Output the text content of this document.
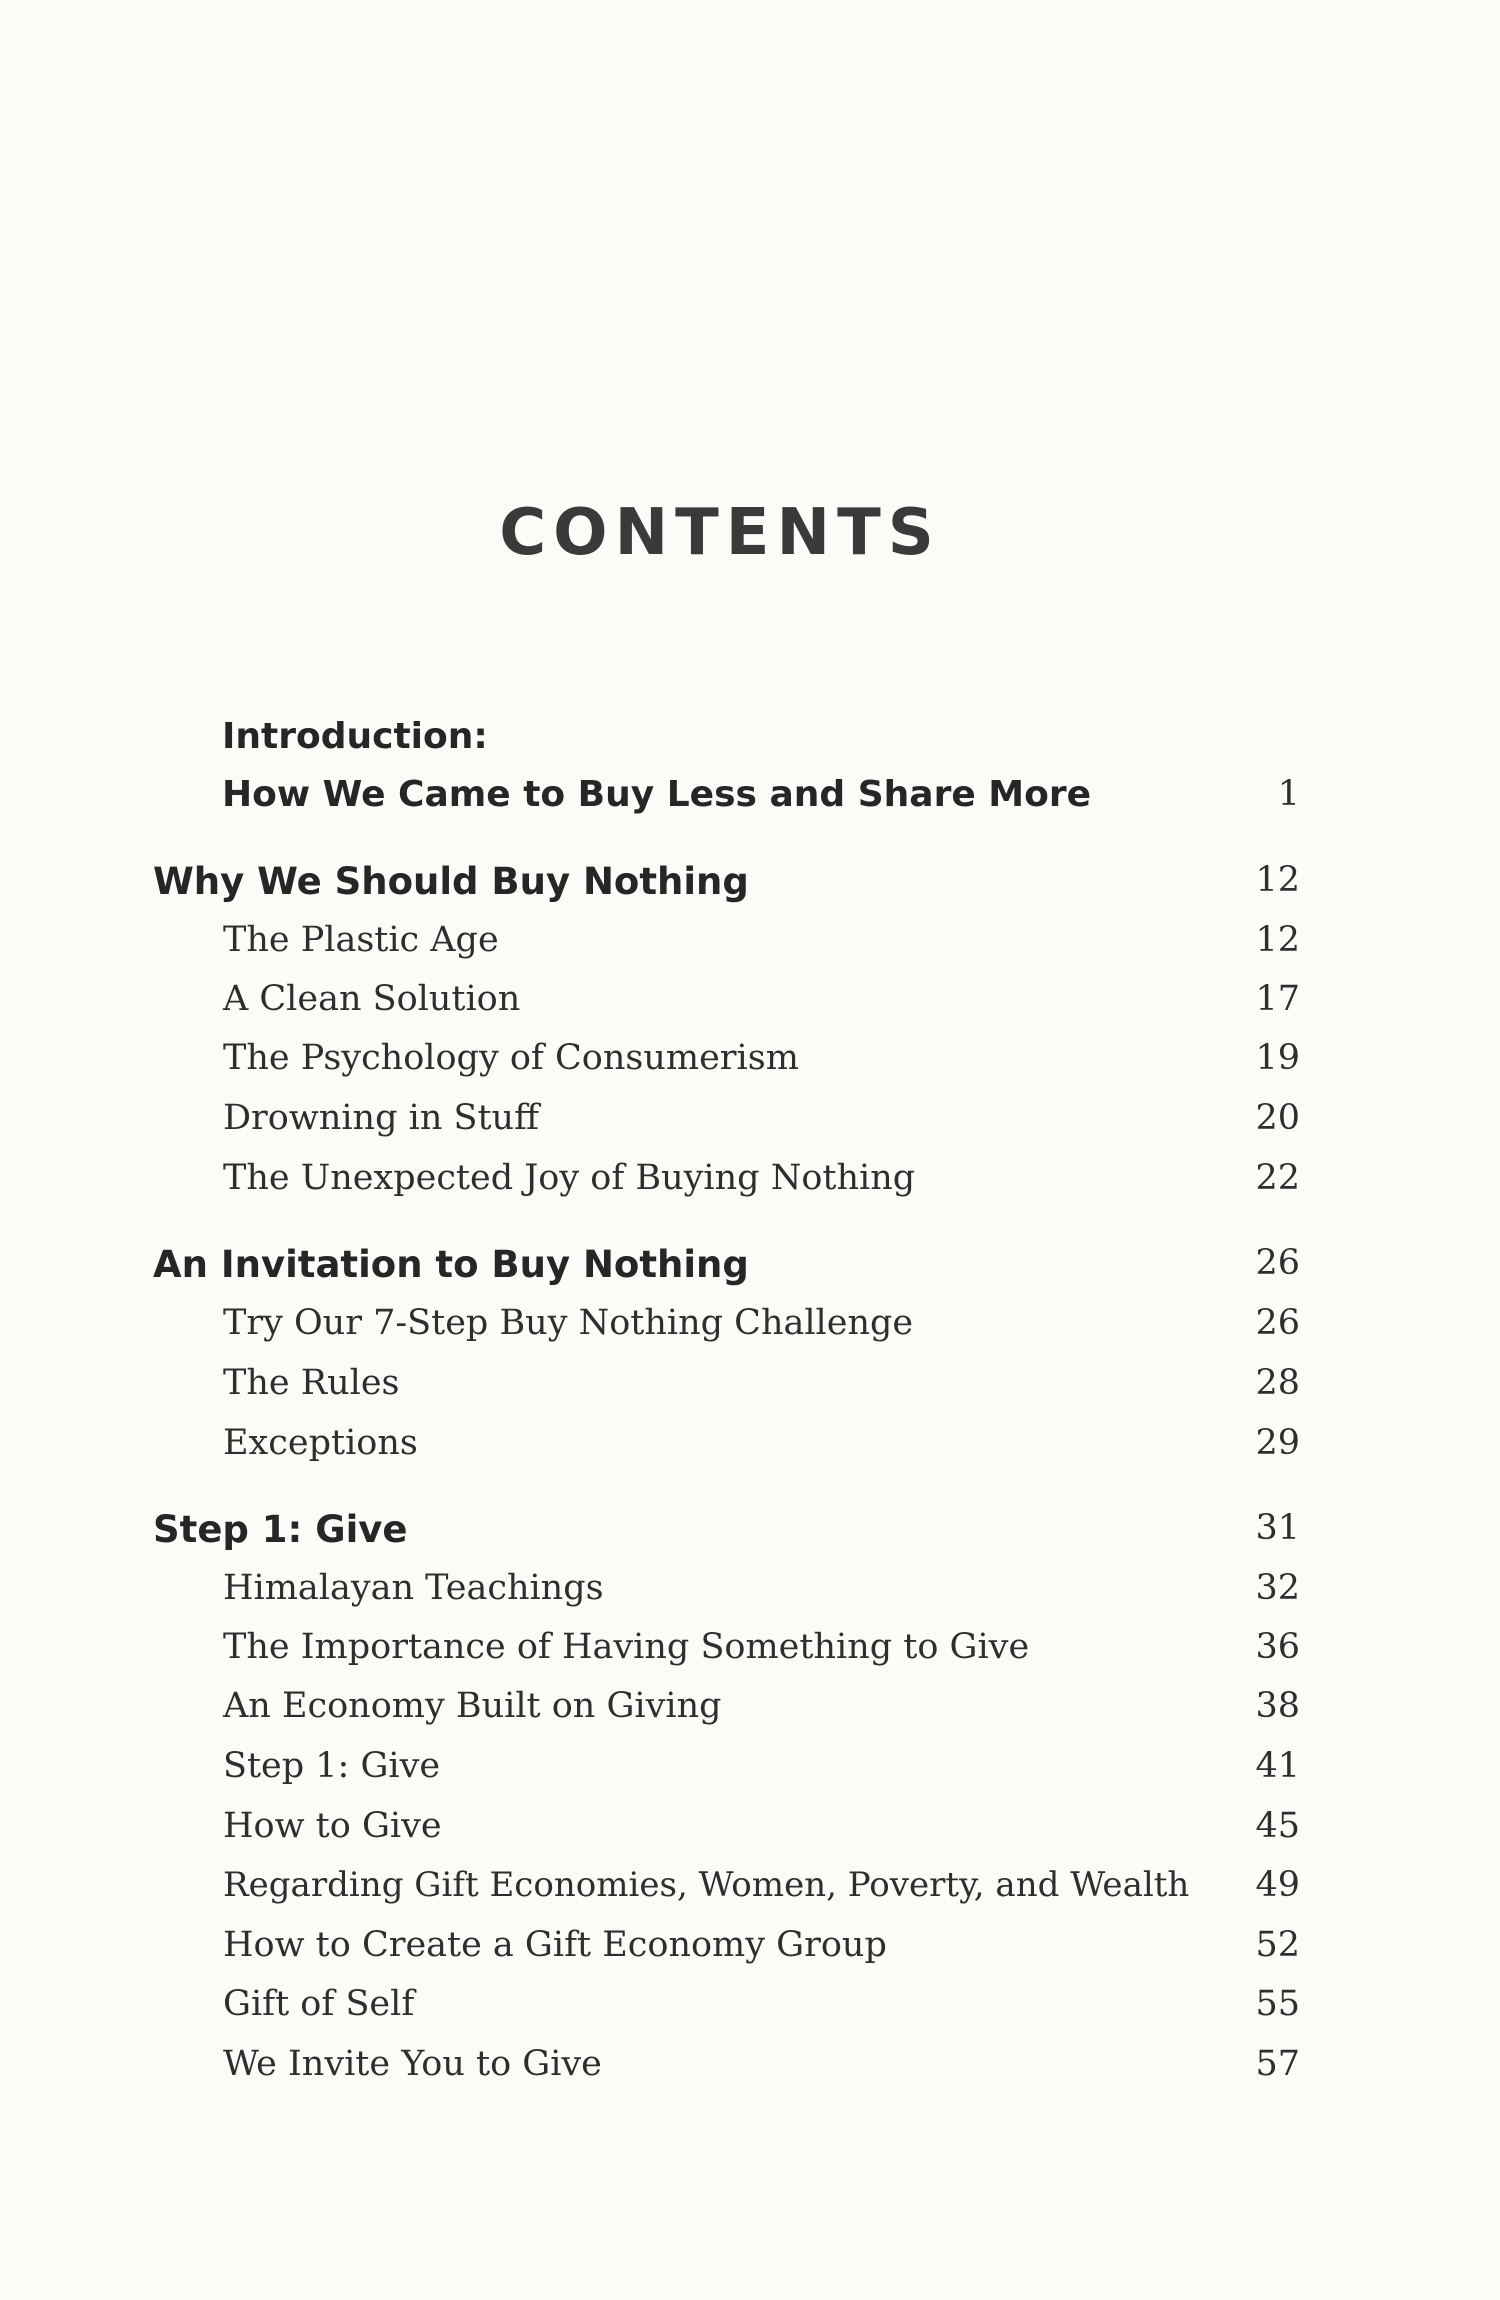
CONTENTS
Introduction:
How We Came to Buy Less and Share More	1
Why We Should Buy Nothing	12
The Plastic Age	12
A Clean Solution	17
The Psychology of Consumerism	19
Drowning in Stuff	20
The Unexpected Joy of Buying Nothing	22
An Invitation to Buy Nothing	26
Try Our 7-Step Buy Nothing Challenge	26
The Rules	28
Exceptions	29
Step 1: Give	31
Himalayan Teachings	32
The Importance of Having Something to Give	36
An Economy Built on Giving	38
Step 1: Give	41
How to Give	45
Regarding Gift Economies, Women, Poverty, and Wealth	49
How to Create a Gift Economy Group	52
Gift of Self	55
We Invite You to Give	57
